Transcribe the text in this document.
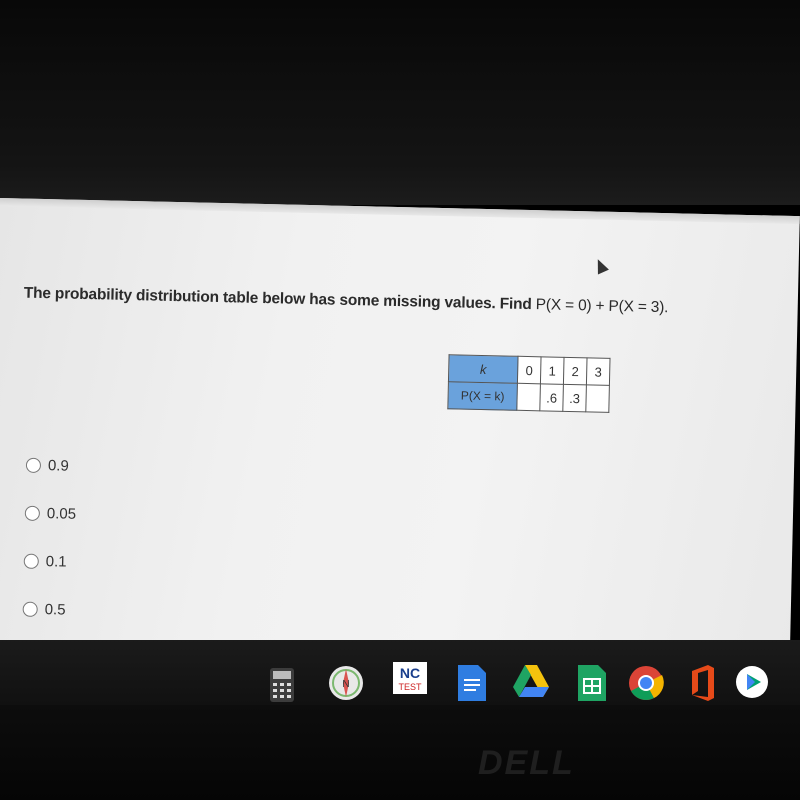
The probability distribution table below has some missing values. Find P(X = 0) + P(X = 3).
k	0	1	2	3
P(X = k)		.6	.3	
0.9
0.05
0.1
0.5
N
NC
TEST
DELL
